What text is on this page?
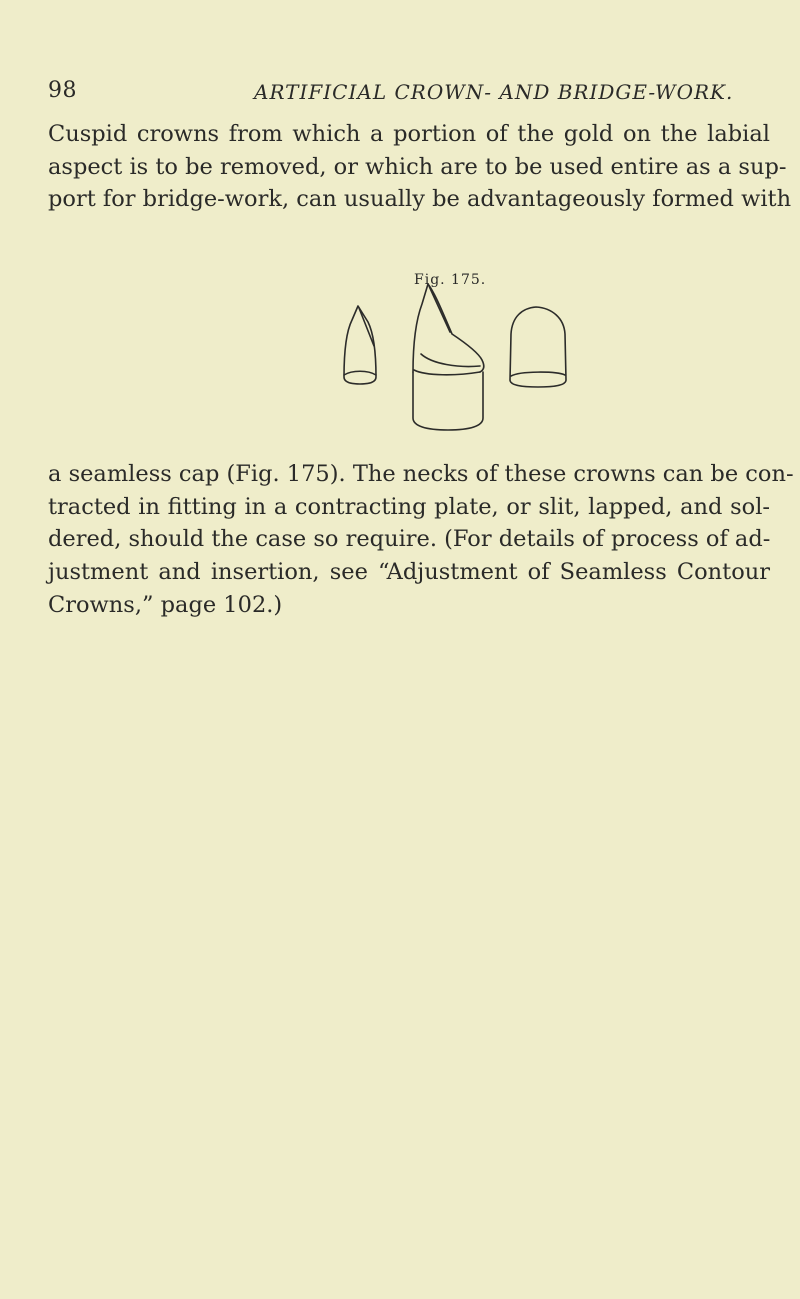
98	ARTIFICIAL CROWN- AND BRIDGE-WORK.
Cuspid crowns from which a portion of the gold on the labial
aspect is to be removed, or which are to be used entire as a sup-
port for bridge-work, can usually be advantageously formed with
Fig. 175.
a seamless cap (Fig. 175). The necks of these crowns can be con-
tracted in fitting in a contracting plate, or slit, lapped, and sol-
dered, should the case so require. (For details of process of ad-
justment and insertion, see “Adjustment of Seamless Contour
Crowns,” page 102.)
